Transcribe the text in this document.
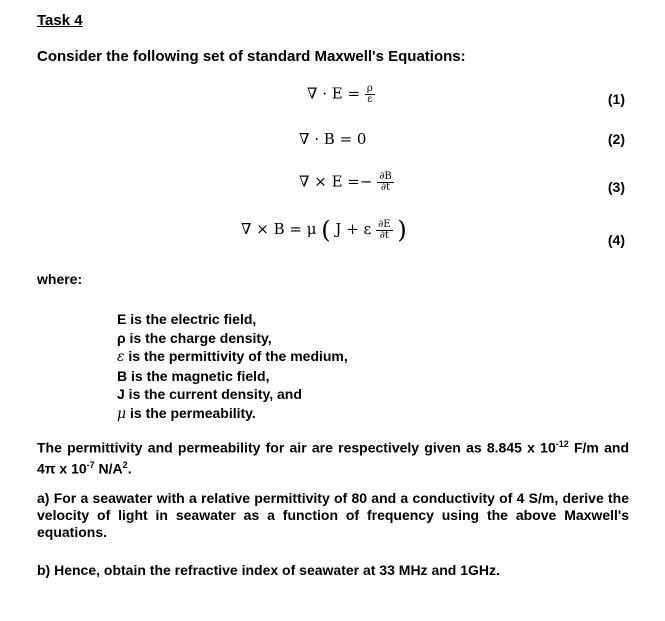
Task 4
Consider the following set of standard Maxwell's Equations:
∇ · $E = \frac{\rho}{\varepsilon}$	(1)
∇ · B = 0	(2)
∇ × $E =- \frac{\partial B}{\partial t}$	(3)
∇ × B = μ ( J + ε $\frac{\partial E}{\partial t}$ )	(4)
where:
E is the electric field,
ρ is the charge density,
ε is the permittivity of the medium,
B is the magnetic field,
J is the current density, and
μ is the permeability.
The permittivity and permeability for air are respectively given as 8.845 x $10^{-12}$ F/m and 4π x $10^{-7}$ $N/A^2$.
a) For a seawater with a relative permittivity of 80 and a conductivity of 4 S/m, derive the velocity of light in seawater as a function of frequency using the above Maxwell's equations.
b) Hence, obtain the refractive index of seawater at 33 MHz and 1GHz.
